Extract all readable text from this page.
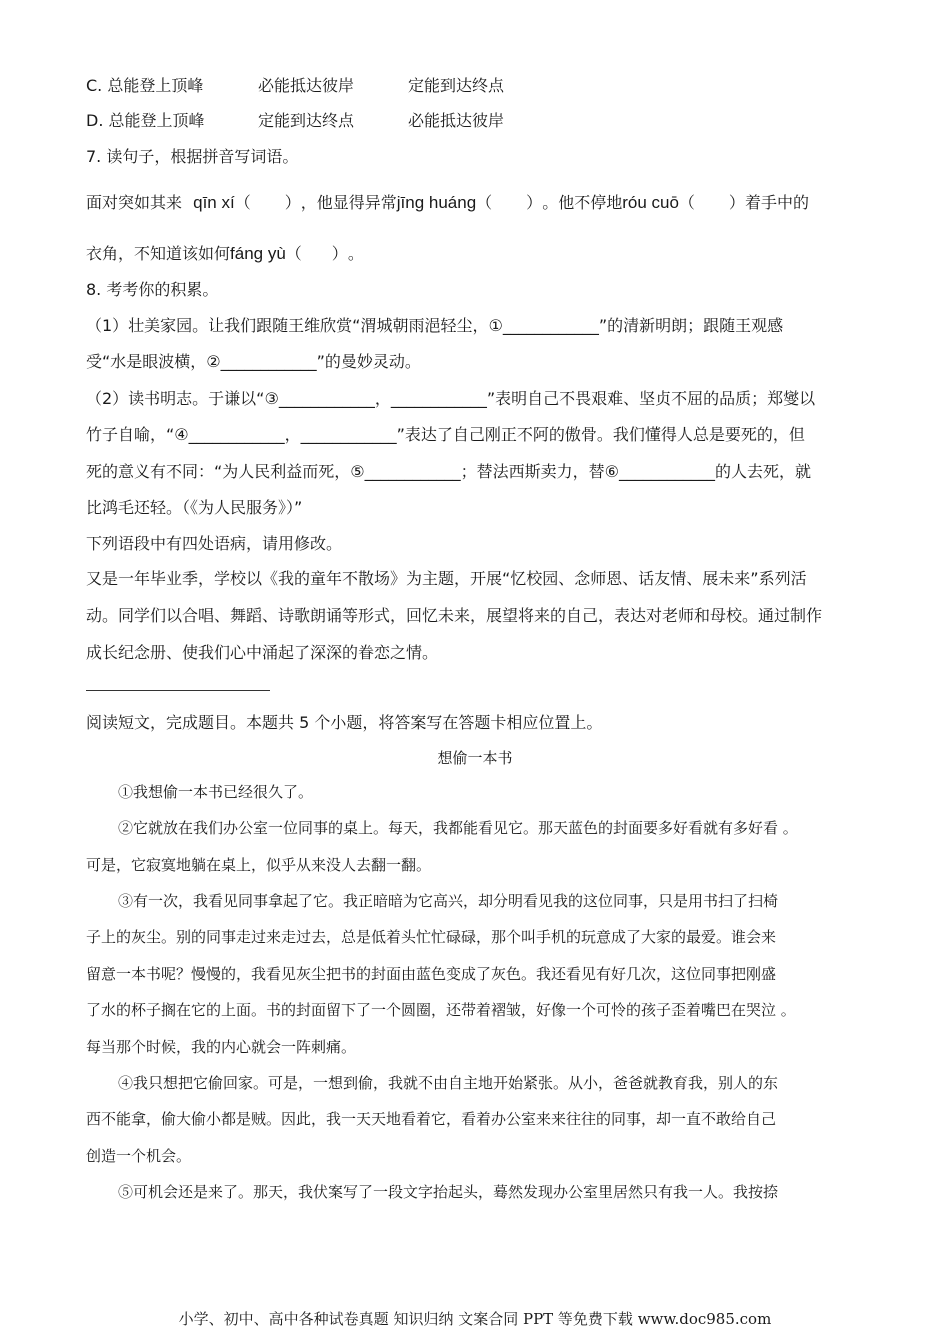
C. 总能登上顶峰	必能抵达彼岸	定能到达终点
D. 总能登上顶峰	定能到达终点	必能抵达彼岸
7. 读句子，根据拼音写词语。
面对突如其来 qīn xí（ ），他显得异常jīng huáng（ ）。他不停地róu cuō（ ）着手中的
衣角，不知道该如何fáng yù（ ）。
8. 考考你的积累。
（1）壮美家园。让我们跟随王维欣赏“渭城朝雨浥轻尘，①____________”的清新明朗；跟随王观感
受“水是眼波横，②____________”的曼妙灵动。
（2）读书明志。于谦以“③____________，____________”表明自己不畏艰难、坚贞不屈的品质；郑燮以
竹子自喻，“④____________，____________”表达了自己刚正不阿的傲骨。我们懂得人总是要死的，但
死的意义有不同：“为人民利益而死，⑤____________；替法西斯卖力，替⑥____________的人去死，就
比鸿毛还轻。（《为人民服务》）”
下列语段中有四处语病，请用修改。
又是一年毕业季，学校以《我的童年不散场》为主题，开展“忆校园、念师恩、话友情、展未来”系列活
动。同学们以合唱、舞蹈、诗歌朗诵等形式，回忆未来，展望将来的自己，表达对老师和母校。通过制作
成长纪念册、使我们心中涌起了深深的眷恋之情。
阅读短文，完成题目。本题共 5 个小题，将答案写在答题卡相应位置上。
想偷一本书
①我想偷一本书已经很久了。
②它就放在我们办公室一位同事的桌上。每天，我都能看见它。那天蓝色的封面要多好看就有多好看 。
可是，它寂寞地躺在桌上，似乎从来没人去翻一翻。
③有一次，我看见同事拿起了它。我正暗暗为它高兴，却分明看见我的这位同事，只是用书扫了扫椅
子上的灰尘。别的同事走过来走过去，总是低着头忙忙碌碌，那个叫手机的玩意成了大家的最爱。谁会来
留意一本书呢？慢慢的，我看见灰尘把书的封面由蓝色变成了灰色。我还看见有好几次，这位同事把刚盛
了水的杯子搁在它的上面。书的封面留下了一个圆圈，还带着褶皱，好像一个可怜的孩子歪着嘴巴在哭泣 。
每当那个时候，我的内心就会一阵刺痛。
④我只想把它偷回家。可是，一想到偷，我就不由自主地开始紧张。从小，爸爸就教育我，别人的东
西不能拿，偷大偷小都是贼。因此，我一天天地看着它，看着办公室来来往往的同事，却一直不敢给自己
创造一个机会。
⑤可机会还是来了。那天，我伏案写了一段文字抬起头，蓦然发现办公室里居然只有我一人。我按捺
小学、初中、高中各种试卷真题 知识归纳 文案合同 PPT 等免费下载 www.doc985.com
